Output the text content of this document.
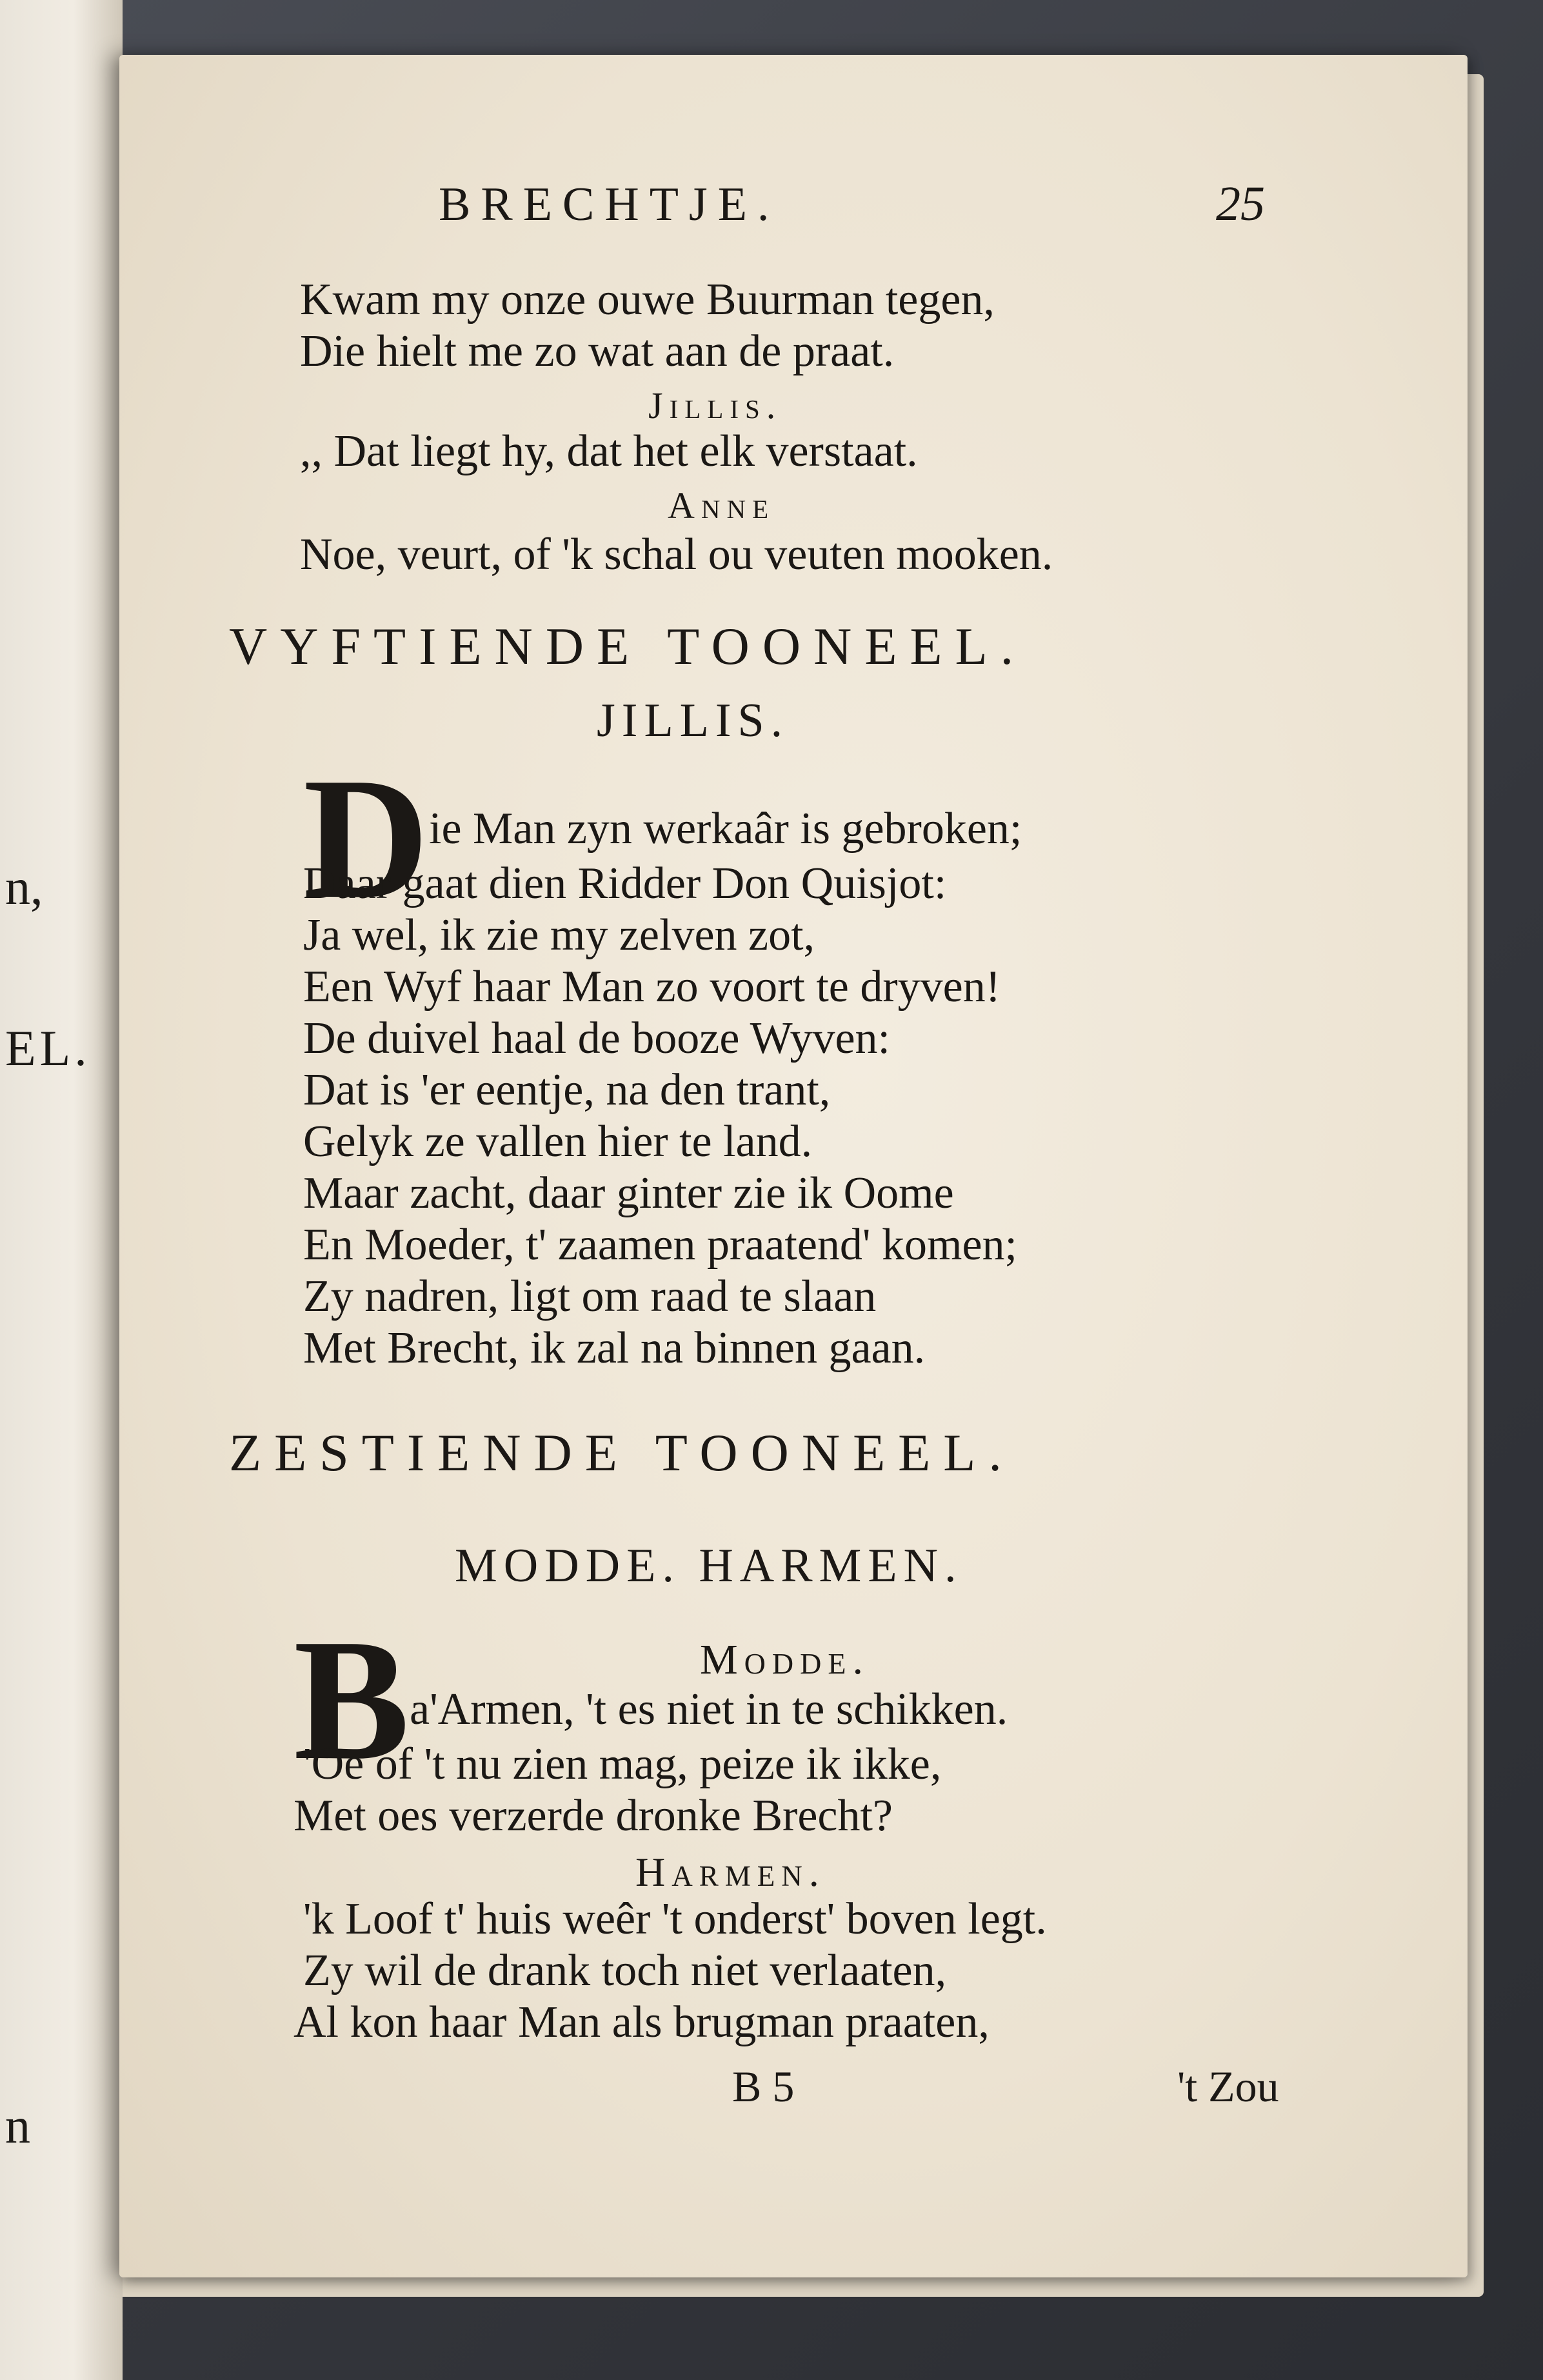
n,
EL.
n
BRECHTJE.	25
Kwam my onze ouwe Buurman tegen,
Die hielt me zo wat aan de praat.
Jillis.
,, Dat liegt hy, dat het elk verstaat.
Anne
Noe, veurt, of 'k schal ou veuten mooken.
VYFTIENDE TOONEEL.
JILLIS.
D ie Man zyn werkaâr is gebroken;
Daar gaat dien Ridder Don Quisjot:
Ja wel, ik zie my zelven zot,
Een Wyf haar Man zo voort te dryven!
De duivel haal de booze Wyven:
Dat is 'er eentje, na den trant,
Gelyk ze vallen hier te land.
Maar zacht, daar ginter zie ik Oome
En Moeder, t' zaamen praatend' komen;
Zy nadren, ligt om raad te slaan
Met Brecht, ik zal na binnen gaan.
ZESTIENDE TOONEEL.
MODDE. HARMEN.
B	Modde.
a'Armen, 't es niet in te schikken.
'Oe of 't nu zien mag, peize ik ikke,
Met oes verzerde dronke Brecht?
Harmen.
'k Loof t' huis weêr 't onderst' boven legt.
Zy wil de drank toch niet verlaaten,
Al kon haar Man als brugman praaten,
B 5	't Zou
